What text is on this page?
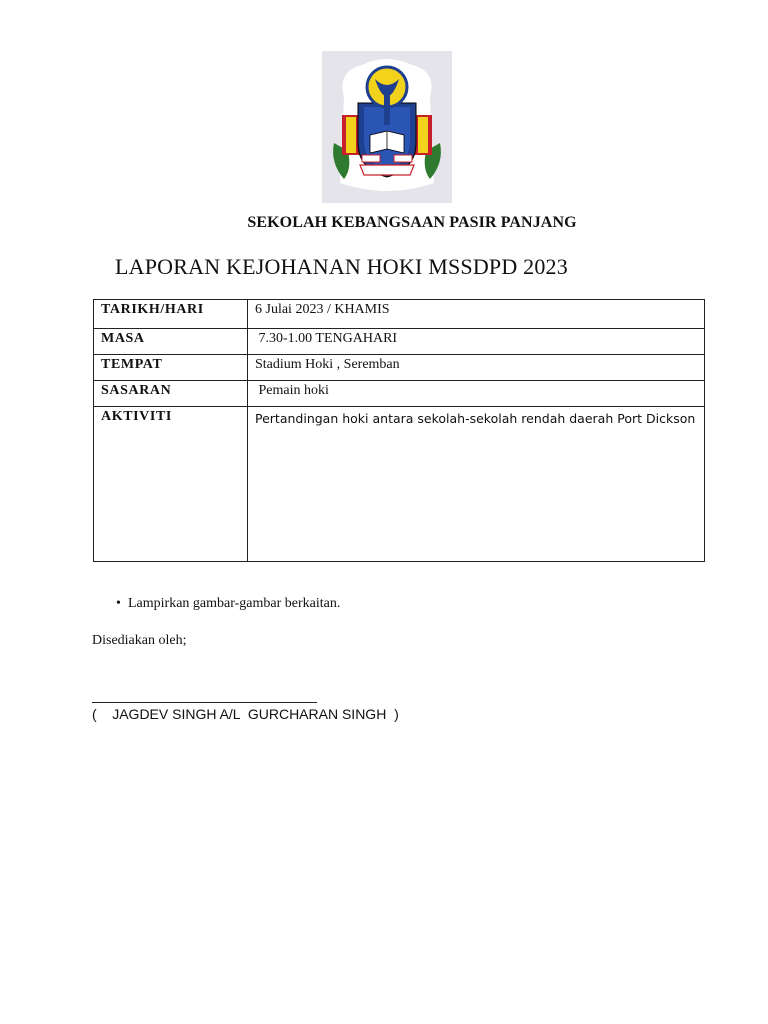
SEKOLAH KEBANGSAAN PASIR PANJANG
LAPORAN KEJOHANAN HOKI MSSDPD 2023
TARIKH/HARI	6 Julai 2023 / KHAMIS
MASA	7.30-1.00 TENGAHARI
TEMPAT	Stadium Hoki , Seremban
SASARAN	Pemain hoki
AKTIVITI	Pertandingan hoki antara sekolah-sekolah rendah daerah Port Dickson
• Lampirkan gambar-gambar berkaitan.
Disediakan oleh;
(    JAGDEV SINGH A/L  GURCHARAN SINGH  )
